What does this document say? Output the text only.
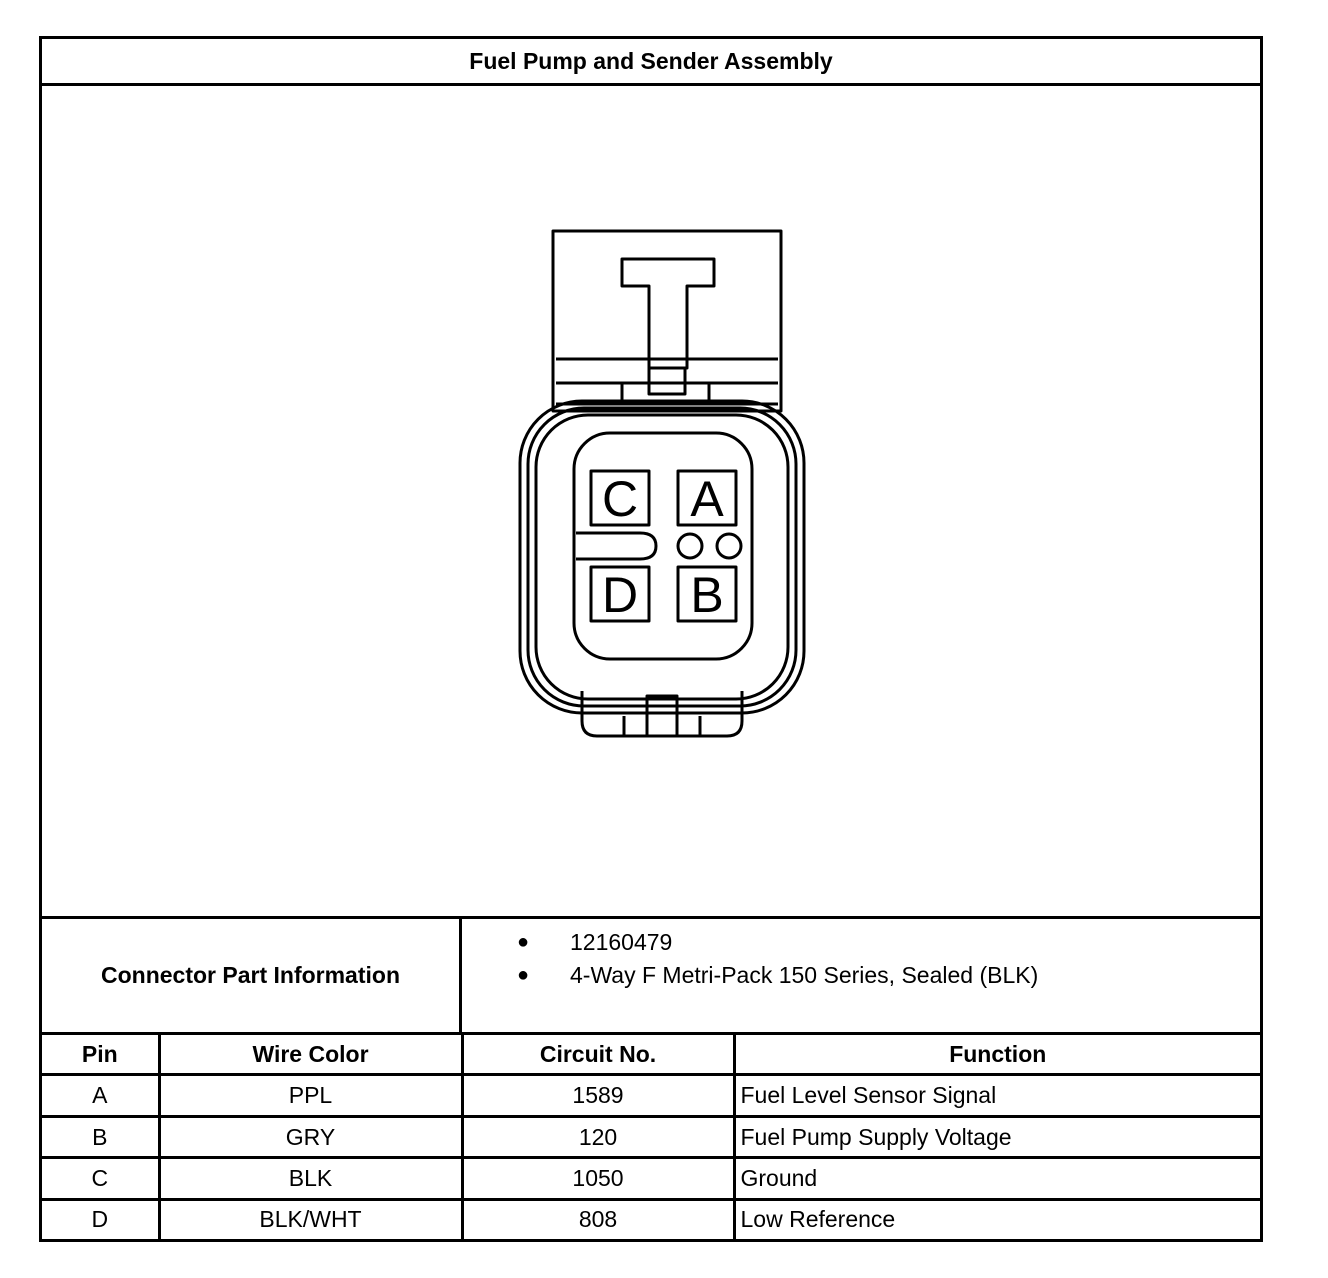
Fuel Pump and Sender Assembly
C A
D B
Connector Part Information
● 12160479
● 4-Way F Metri-Pack 150 Series, Sealed (BLK)
Pin	Wire Color	Circuit No.	Function
A	PPL	1589	Fuel Level Sensor Signal
B	GRY	120	Fuel Pump Supply Voltage
C	BLK	1050	Ground
D	BLK/WHT	808	Low Reference
